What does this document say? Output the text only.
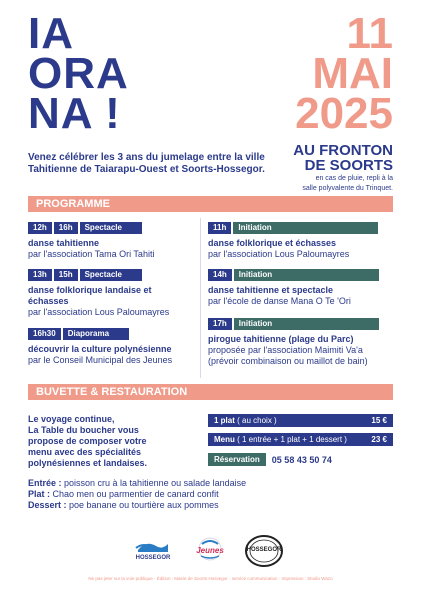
IA
ORA
NA !
11
MAI
2025
Venez célébrer les 3 ans du jumelage entre la ville
Tahitienne de Taiarapu-Ouest et Soorts-Hossegor.
AU FRONTON
DE SOORTS
en cas de pluie, repli à la
salle polyvalente du Trinquet.
PROGRAMME
12h	16h	Spectacle
danse tahitienne
par l'association Tama Ori Tahiti
13h	15h	Spectacle
danse folklorique landaise et
échasses
par l'association Lous Paloumayres
16h30	Diaporama
découvrir la culture polynésienne
par le Conseil Municipal des Jeunes
11h	Initiation
danse folklorique et échasses
par l'association Lous Paloumayres
14h	Initiation
danse tahitienne et spectacle
par l'école de danse Mana O Te 'Ori
17h	Initiation
pirogue tahitienne (plage du Parc)
proposée par l'association Maimiti Va'a
(prévoir combinaison ou maillot de bain)
BUVETTE & RESTAURATION
Le voyage continue,
La Table du boucher vous
propose de composer votre
menu avec des spécialités
polynésiennes et landaises.
1 plat ( au choix )	15 €
Menu ( 1 entrée + 1 plat + 1 dessert )	23 €
Réservation	05 58 43 50 74
Entrée : poisson cru à la tahitienne ou salade landaise
Plat : Chao men ou parmentier de canard confit
Dessert : poe banane ou tourtière aux pommes
HOSSEGOR
Jeunes	HOSSEGOR
Ne pas jeter sur la voie publique · Édition : Mairie de Soorts-Hossegor · service communication · Impression : Studio Wazo
